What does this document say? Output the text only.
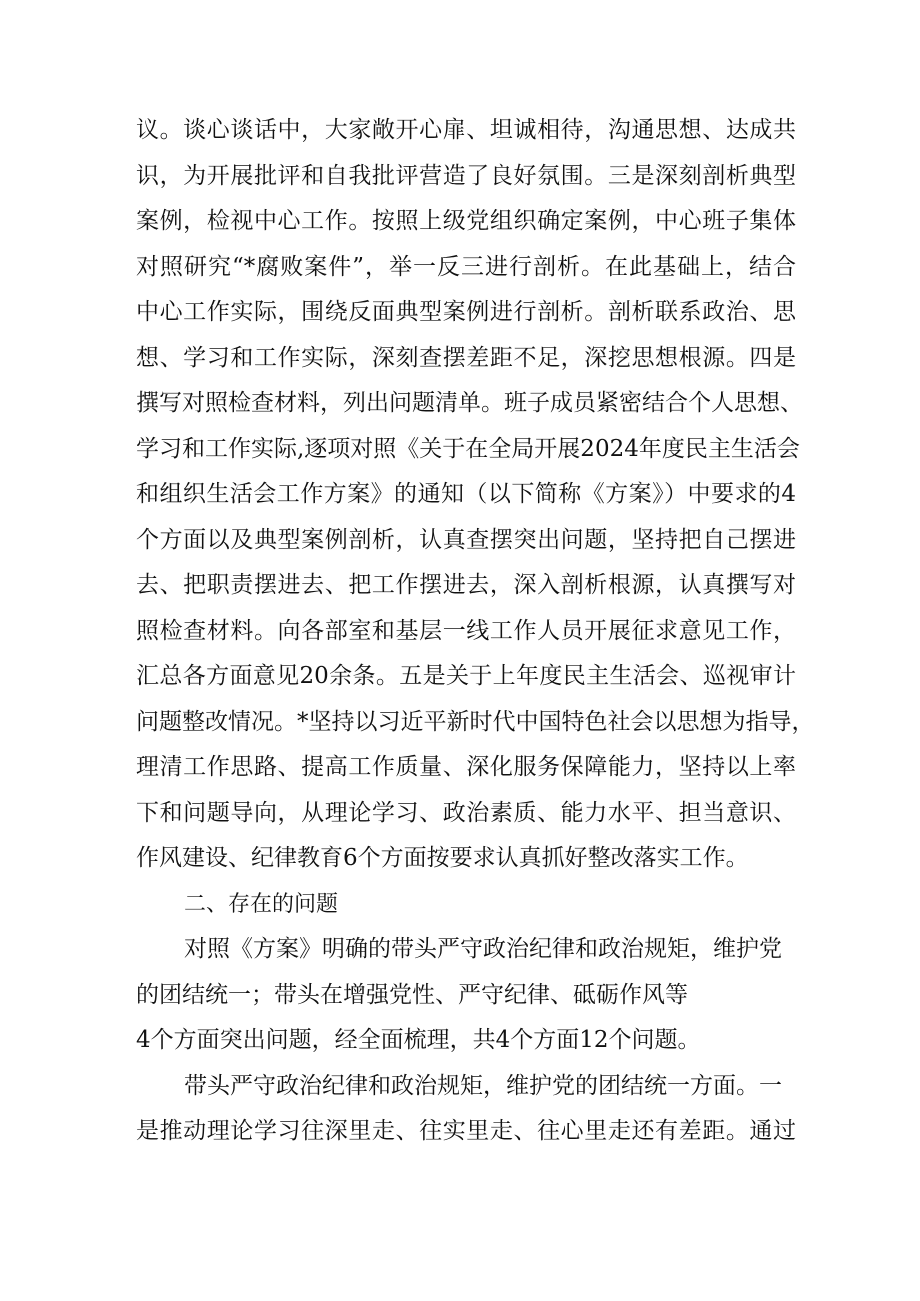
议。谈心谈话中，大家敞开心扉、坦诚相待，沟通思想、达成共
识，为开展批评和自我批评营造了良好氛围。三是深刻剖析典型
案例，检视中心工作。按照上级党组织确定案例，中心班子集体
对照研究“*腐败案件”，举一反三进行剖析。在此基础上，结合
中心工作实际，围绕反面典型案例进行剖析。剖析联系政治、思
想、学习和工作实际，深刻查摆差距不足，深挖思想根源。四是
撰写对照检查材料，列出问题清单。班子成员紧密结合个人思想、
学习和工作实际,逐项对照《关于在全局开展2024年度民主生活会
和组织生活会工作方案》的通知（以下简称《方案》）中要求的4
个方面以及典型案例剖析，认真查摆突出问题，坚持把自己摆进
去、把职责摆进去、把工作摆进去，深入剖析根源，认真撰写对
照检查材料。向各部室和基层一线工作人员开展征求意见工作，
汇总各方面意见20余条。五是关于上年度民主生活会、巡视审计
问题整改情况。*坚持以习近平新时代中国特色社会以思想为指导，
理清工作思路、提高工作质量、深化服务保障能力，坚持以上率
下和问题导向，从理论学习、政治素质、能力水平、担当意识、
作风建设、纪律教育6个方面按要求认真抓好整改落实工作。
二、存在的问题
对照《方案》明确的带头严守政治纪律和政治规矩，维护党
的团结统一；带头在增强党性、严守纪律、砥砺作风等
4个方面突出问题，经全面梳理，共4个方面12个问题。
带头严守政治纪律和政治规矩，维护党的团结统一方面。一
是推动理论学习往深里走、往实里走、往心里走还有差距。通过
